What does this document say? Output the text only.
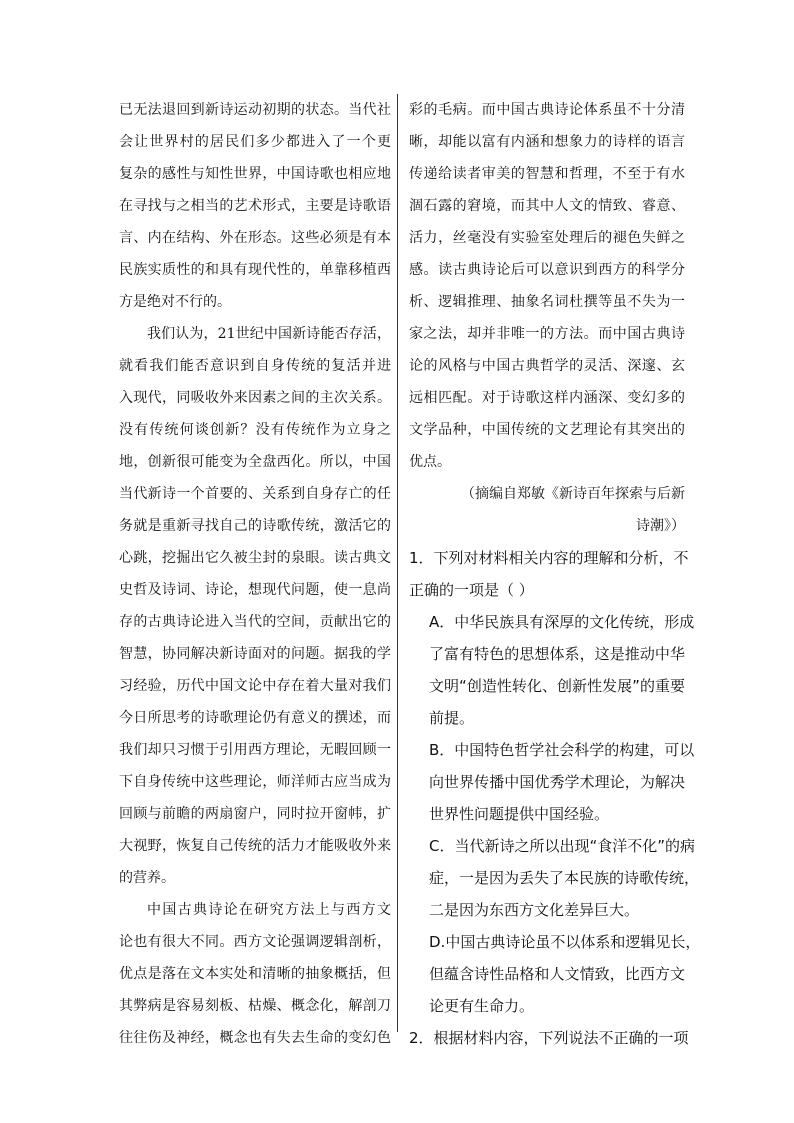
已无法退回到新诗运动初期的状态。当代社
会让世界村的居民们多少都进入了一个更
复杂的感性与知性世界，中国诗歌也相应地
在寻找与之相当的艺术形式，主要是诗歌语
言、内在结构、外在形态。这些必须是有本
民族实质性的和具有现代性的，单靠移植西
方是绝对不行的。
我们认为，21世纪中国新诗能否存活，
就看我们能否意识到自身传统的复活并进
入现代，同吸收外来因素之间的主次关系。
没有传统何谈创新？没有传统作为立身之
地，创新很可能变为全盘西化。所以，中国
当代新诗一个首要的、关系到自身存亡的任
务就是重新寻找自己的诗歌传统，激活它的
心跳，挖掘出它久被尘封的泉眼。读古典文
史哲及诗词、诗论，想现代问题，使一息尚
存的古典诗论进入当代的空间，贡献出它的
智慧，协同解决新诗面对的问题。据我的学
习经验，历代中国文论中存在着大量对我们
今日所思考的诗歌理论仍有意义的撰述，而
我们却只习惯于引用西方理论，无暇回顾一
下自身传统中这些理论，师洋师古应当成为
回顾与前瞻的两扇窗户，同时拉开窗帏，扩
大视野，恢复自己传统的活力才能吸收外来
的营养。
中国古典诗论在研究方法上与西方文
论也有很大不同。西方文论强调逻辑剖析，
优点是落在文本实处和清晰的抽象概括，但
其弊病是容易刻板、枯燥、概念化，解剖刀
往往伤及神经，概念也有失去生命的变幻色
彩的毛病。而中国古典诗论体系虽不十分清
晰，却能以富有内涵和想象力的诗样的语言
传递给读者审美的智慧和哲理，不至于有水
涸石露的窘境，而其中人文的情致、睿意、
活力，丝毫没有实验室处理后的褪色失鲜之
感。读古典诗论后可以意识到西方的科学分
析、逻辑推理、抽象名词杜撰等虽不失为一
家之法，却并非唯一的方法。而中国古典诗
论的风格与中国古典哲学的灵活、深邃、玄
远相匹配。对于诗歌这样内涵深、变幻多的
文学品种，中国传统的文艺理论有其突出的
优点。
（摘编自郑敏《新诗百年探索与后新
诗潮》）
1．下列对材料相关内容的理解和分析，不
正确的一项是（ ）
A．中华民族具有深厚的文化传统，形成
了富有特色的思想体系，这是推动中华
文明“创造性转化、创新性发展”的重要
前提。
B．中国特色哲学社会科学的构建，可以
向世界传播中国优秀学术理论，为解决
世界性问题提供中国经验。
C．当代新诗之所以出现“食洋不化”的病
症，一是因为丢失了本民族的诗歌传统，
二是因为东西方文化差异巨大。
D.中国古典诗论虽不以体系和逻辑见长，
但蕴含诗性品格和人文情致，比西方文
论更有生命力。
2．根据材料内容，下列说法不正确的一项
